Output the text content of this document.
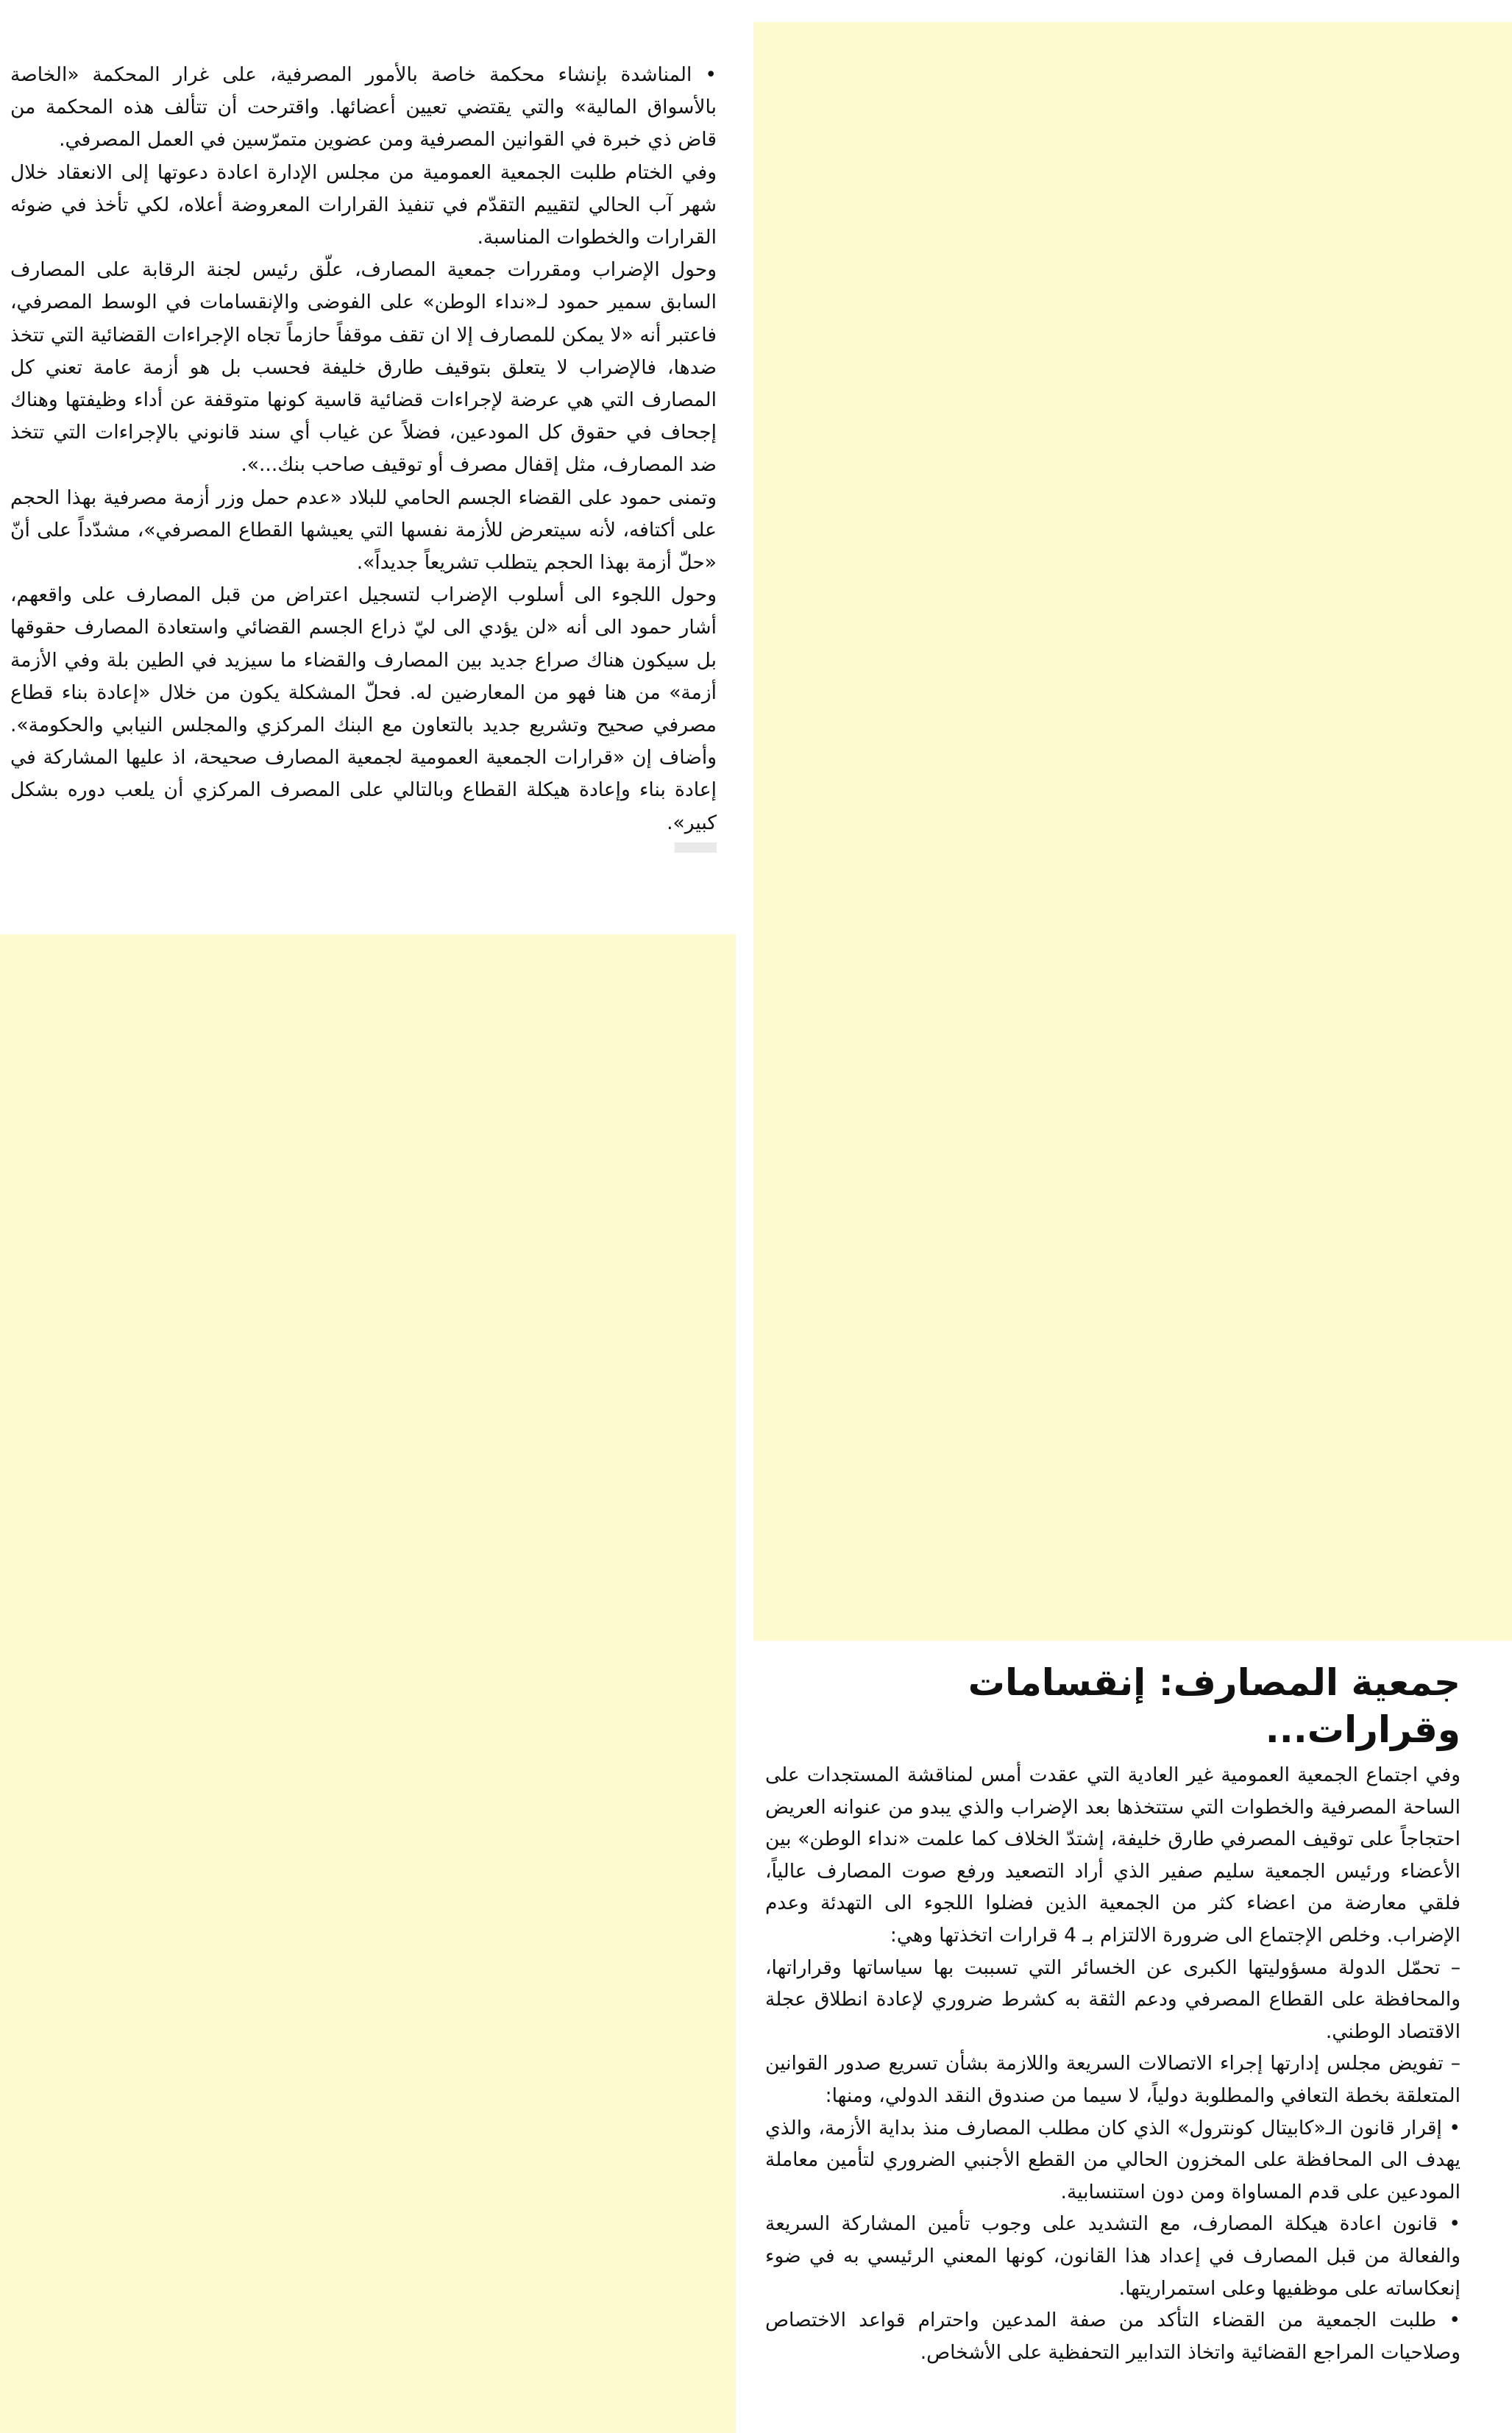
• المناشدة بإنشاء محكمة خاصة بالأمور المصرفية، على غرار المحكمة «الخاصة بالأسواق المالية» والتي يقتضي تعيين أعضائها. واقترحت أن تتألف هذه المحكمة من قاض ذي خبرة في القوانين المصرفية ومن عضوين متمرّسين في العمل المصرفي.

وفي الختام طلبت الجمعية العمومية من مجلس الإدارة اعادة دعوتها إلى الانعقاد خلال شهر آب الحالي لتقييم التقدّم في تنفيذ القرارات المعروضة أعلاه، لكي تأخذ في ضوئه القرارات والخطوات المناسبة.

وحول الإضراب ومقررات جمعية المصارف، علّق رئيس لجنة الرقابة على المصارف السابق سمير حمود لـ«نداء الوطن» على الفوضى والإنقسامات في الوسط المصرفي، فاعتبر أنه «لا يمكن للمصارف إلا ان تقف موقفاً حازماً تجاه الإجراءات القضائية التي تتخذ ضدها، فالإضراب لا يتعلق بتوقيف طارق خليفة فحسب بل هو أزمة عامة تعني كل المصارف التي هي عرضة لإجراءات قضائية قاسية كونها متوقفة عن أداء وظيفتها وهناك إجحاف في حقوق كل المودعين، فضلاً عن غياب أي سند قانوني بالإجراءات التي تتخذ ضد المصارف، مثل إقفال مصرف أو توقيف صاحب بنك...».

وتمنى حمود على القضاء الجسم الحامي للبلاد «عدم حمل وزر أزمة مصرفية بهذا الحجم على أكتافه، لأنه سيتعرض للأزمة نفسها التي يعيشها القطاع المصرفي»، مشدّداً على أنّ «حلّ أزمة بهذا الحجم يتطلب تشريعاً جديداً».

وحول اللجوء الى أسلوب الإضراب لتسجيل اعتراض من قبل المصارف على واقعهم، أشار حمود الى أنه «لن يؤدي الى ليّ ذراع الجسم القضائي واستعادة المصارف حقوقها بل سيكون هناك صراع جديد بين المصارف والقضاء ما سيزيد في الطين بلة وفي الأزمة أزمة» من هنا فهو من المعارضين له. فحلّ المشكلة يكون من خلال «إعادة بناء قطاع مصرفي صحيح وتشريع جديد بالتعاون مع البنك المركزي والمجلس النيابي والحكومة». وأضاف إن «قرارات الجمعية العمومية لجمعية المصارف صحيحة، اذ عليها المشاركة في إعادة بناء وإعادة هيكلة القطاع وبالتالي على المصرف المركزي أن يلعب دوره بشكل كبير».

جمعية المصارف: إنقسامات وقرارات...

وفي اجتماع الجمعية العمومية غير العادية التي عقدت أمس لمناقشة المستجدات على الساحة المصرفية والخطوات التي ستتخذها بعد الإضراب والذي يبدو من عنوانه العريض احتجاجاً على توقيف المصرفي طارق خليفة، إشتدّ الخلاف كما علمت «نداء الوطن» بين الأعضاء ورئيس الجمعية سليم صفير الذي أراد التصعيد ورفع صوت المصارف عالياً، فلقي معارضة من اعضاء كثر من الجمعية الذين فضلوا اللجوء الى التهدئة وعدم الإضراب. وخلص الإجتماع الى ضرورة الالتزام بـ 4 قرارات اتخذتها وهي:

– تحمّل الدولة مسؤوليتها الكبرى عن الخسائر التي تسببت بها سياساتها وقراراتها، والمحافظة على القطاع المصرفي ودعم الثقة به كشرط ضروري لإعادة انطلاق عجلة الاقتصاد الوطني.

– تفويض مجلس إدارتها إجراء الاتصالات السريعة واللازمة بشأن تسريع صدور القوانين المتعلقة بخطة التعافي والمطلوبة دولياً، لا سيما من صندوق النقد الدولي، ومنها:

• إقرار قانون الـ«كابيتال كونترول» الذي كان مطلب المصارف منذ بداية الأزمة، والذي يهدف الى المحافظة على المخزون الحالي من القطع الأجنبي الضروري لتأمين معاملة المودعين على قدم المساواة ومن دون استنسابية.

• قانون اعادة هيكلة المصارف، مع التشديد على وجوب تأمين المشاركة السريعة والفعالة من قبل المصارف في إعداد هذا القانون، كونها المعني الرئيسي به في ضوء إنعكاساته على موظفيها وعلى استمراريتها.

• طلبت الجمعية من القضاء التأكد من صفة المدعين واحترام قواعد الاختصاص وصلاحيات المراجع القضائية واتخاذ التدابير التحفظية على الأشخاص.
